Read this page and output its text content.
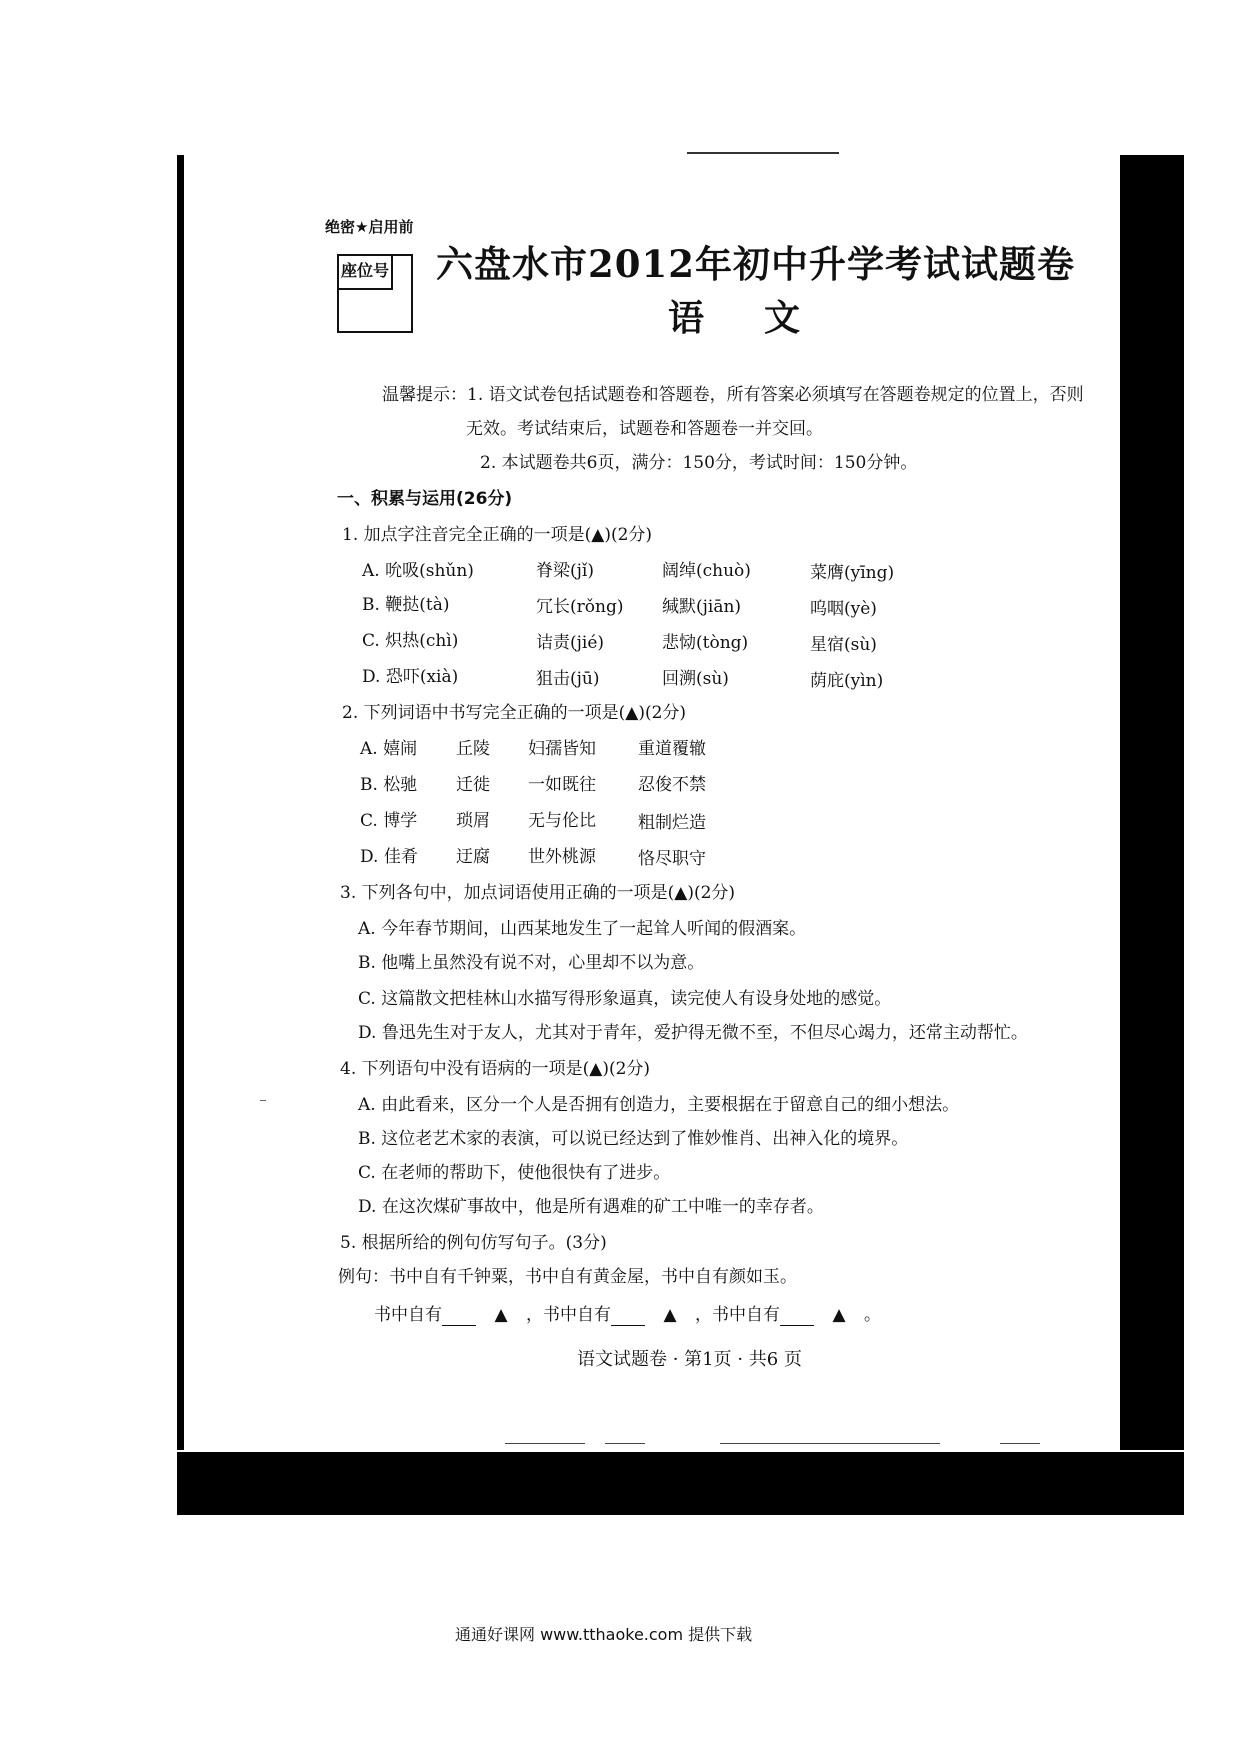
绝密★启用前
座位号 六盘水市2012年初中升学考试试题卷
语文
温馨提示：1. 语文试卷包括试题卷和答题卷，所有答案必须填写在答题卷规定的位置上，否则
无效。考试结束后，试题卷和答题卷一并交回。
2. 本试题卷共6页，满分：150分，考试时间：150分钟。
一、积累与运用(26分)
1. 加点字注音完全正确的一项是(▲)(2分)
A. 吮吸(shǔn)	脊梁(jǐ)	阔绰(chuò)	菜膺(yīng)
B. 鞭挞(tà)	冗长(rǒng) 缄默(jiān)	呜咽(yè)
C. 炽热(chì)	诘责(jié)	悲恸(tòng)	星宿(sù)
D. 恐吓(xià)	狙击(jū)	回溯(sù)	荫庇(yìn)
2. 下列词语中书写完全正确的一项是(▲)(2分)
A. 嬉闹 丘陵 妇孺皆知 重道覆辙
B. 松驰 迁徙 一如既往 忍俊不禁
C. 博学 琐屑 无与伦比 粗制烂造
D. 佳肴 迂腐 世外桃源 恪尽职守
3. 下列各句中，加点词语使用正确的一项是(▲)(2分)
A. 今年春节期间，山西某地发生了一起耸人听闻的假酒案。
B. 他嘴上虽然没有说不对，心里却不以为意。
C. 这篇散文把桂林山水描写得形象逼真，读完使人有设身处地的感觉。
D. 鲁迅先生对于友人，尤其对于青年，爱护得无微不至，不但尽心竭力，还常主动帮忙。
4. 下列语句中没有语病的一项是(▲)(2分)
A. 由此看来，区分一个人是否拥有创造力，主要根据在于留意自己的细小想法。
B. 这位老艺术家的表演，可以说已经达到了惟妙惟肖、出神入化的境界。
C. 在老师的帮助下，使他很快有了进步。
D. 在这次煤矿事故中，他是所有遇难的矿工中唯一的幸存者。
5. 根据所给的例句仿写句子。(3分)
例句：书中自有千钟粟，书中自有黄金屋，书中自有颜如玉。
书中自有	▲ ，书中自有	▲ ，书中自有	▲ 。
语文试题卷 · 第1页 · 共6 页
通通好课网 www.tthaoke.com 提供下载
